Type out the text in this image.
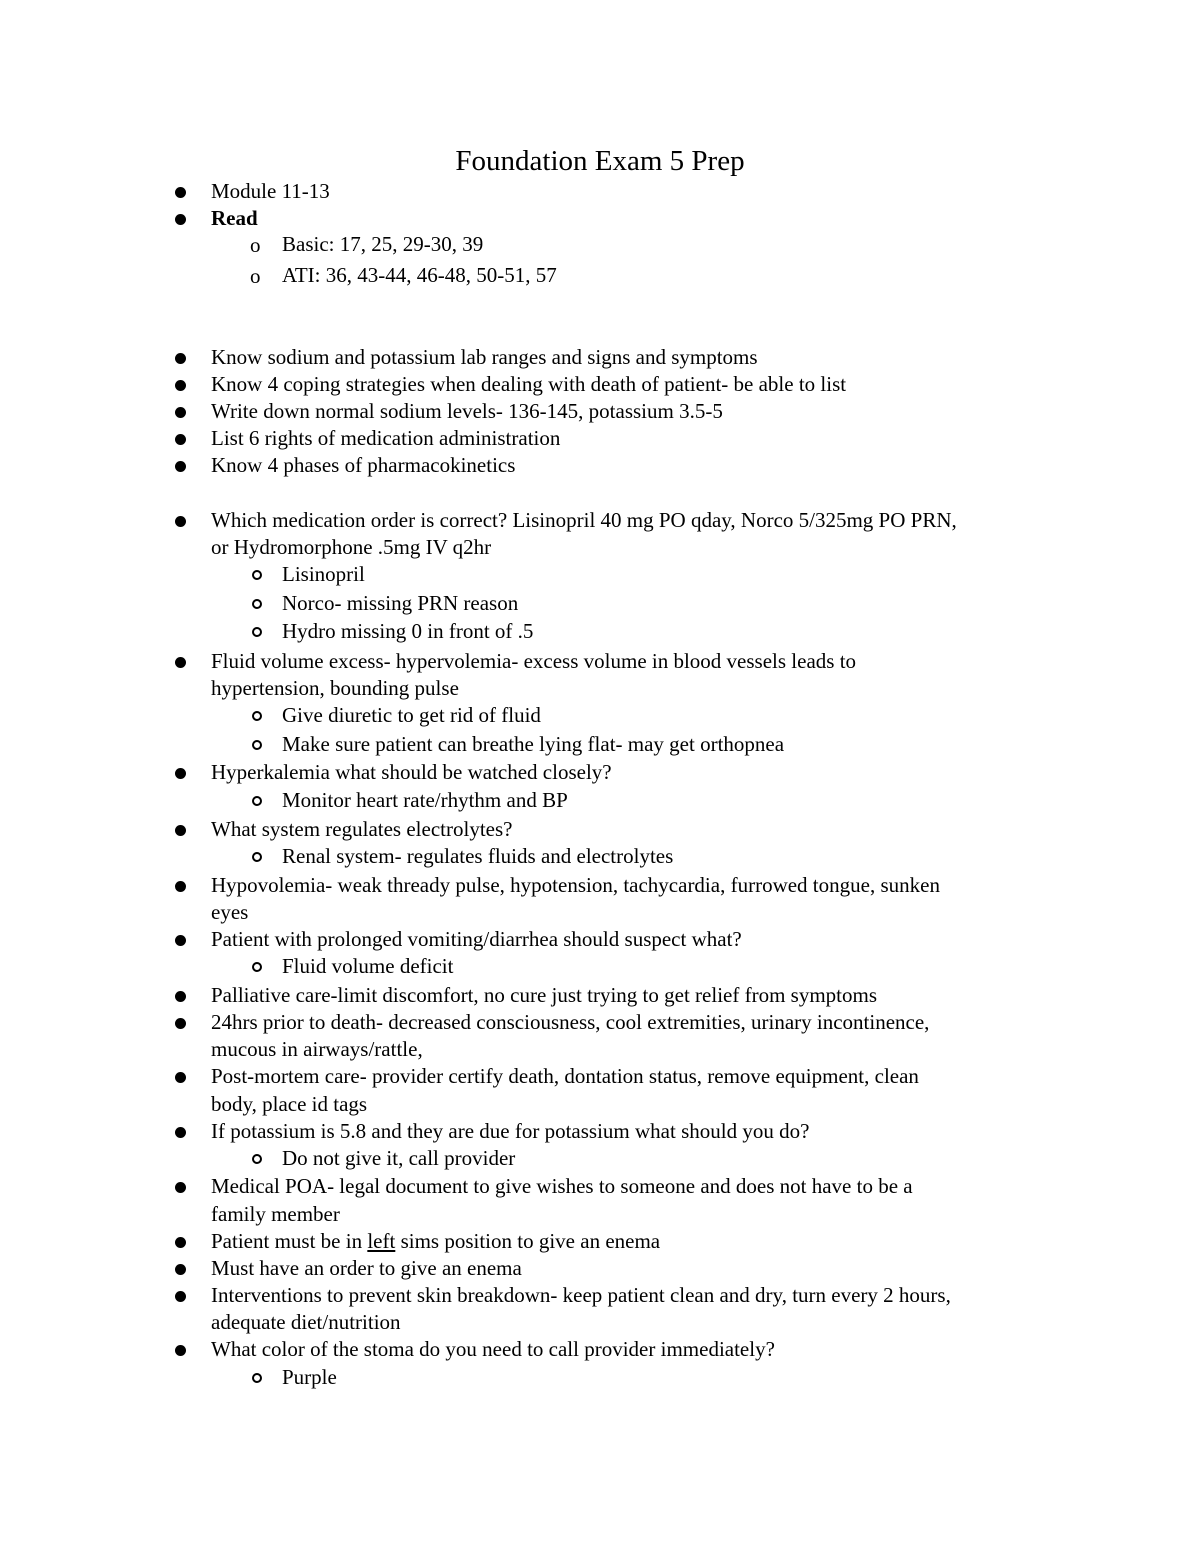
Foundation Exam 5 Prep
Module 11-13
Read
o Basic: 17, 25, 29-30, 39
o ATI: 36, 43-44, 46-48, 50-51, 57
Know sodium and potassium lab ranges and signs and symptoms
Know 4 coping strategies when dealing with death of patient- be able to list
Write down normal sodium levels- 136-145, potassium 3.5-5
List 6 rights of medication administration
Know 4 phases of pharmacokinetics
Which medication order is correct? Lisinopril 40 mg PO qday, Norco 5/325mg PO PRN,
or Hydromorphone .5mg IV q2hr
Lisinopril
Norco- missing PRN reason
Hydro missing 0 in front of .5
Fluid volume excess- hypervolemia- excess volume in blood vessels leads to
hypertension, bounding pulse
Give diuretic to get rid of fluid
Make sure patient can breathe lying flat- may get orthopnea
Hyperkalemia what should be watched closely?
Monitor heart rate/rhythm and BP
What system regulates electrolytes?
Renal system- regulates fluids and electrolytes
Hypovolemia- weak thready pulse, hypotension, tachycardia, furrowed tongue, sunken
eyes
Patient with prolonged vomiting/diarrhea should suspect what?
Fluid volume deficit
Palliative care-limit discomfort, no cure just trying to get relief from symptoms
24hrs prior to death- decreased consciousness, cool extremities, urinary incontinence,
mucous in airways/rattle,
Post-mortem care- provider certify death, dontation status, remove equipment, clean
body, place id tags
If potassium is 5.8 and they are due for potassium what should you do?
Do not give it, call provider
Medical POA- legal document to give wishes to someone and does not have to be a
family member
Patient must be in left sims position to give an enema
Must have an order to give an enema
Interventions to prevent skin breakdown- keep patient clean and dry, turn every 2 hours,
adequate diet/nutrition
What color of the stoma do you need to call provider immediately?
Purple
